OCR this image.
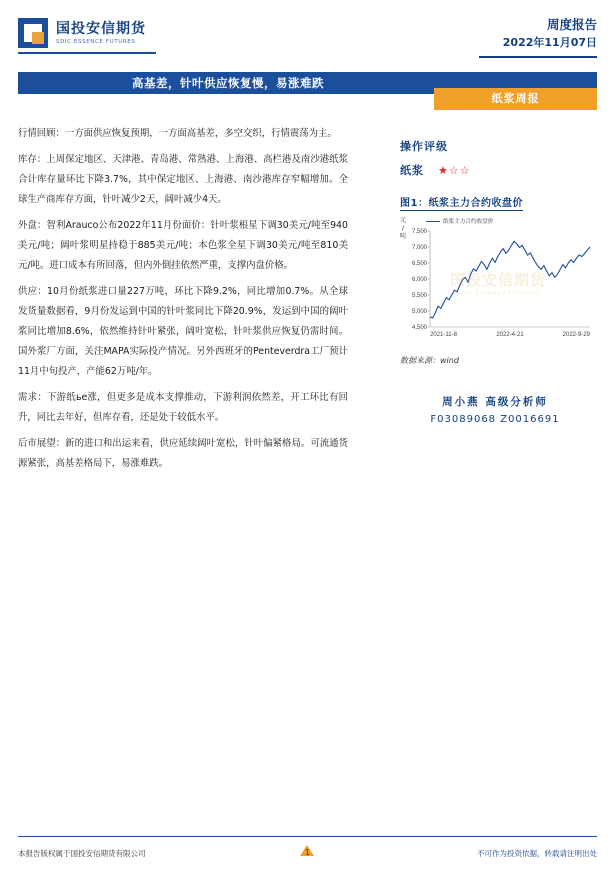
国投安信期货
SDIC ESSENCE FUTURES
周度报告
2022年11月07日
高基差，针叶供应恢复慢，易涨难跌
纸浆周报

行情回顾：一方面供应恢复预期，一方面高基差，多空交织，行情震荡为主。

库存：上周保定地区、天津港、青岛港、常熟港、上海港、高栏港及南沙港纸浆合计库存量环比下降3.7%，其中保定地区、上海港、南沙港库存窄幅增加。全球生产商库存方面，针叶减少2天，阔叶减少4天。

外盘：智利Arauco公布2022年11月份面价：针叶浆根星下调30美元/吨至940美元/吨；阔叶浆明星持稳于885美元/吨；本色浆全星下调30美元/吨至810美元/吨。进口成本有所回落，但内外倒挂依然严重，支撑内盘价格。

供应：10月份纸浆进口量227万吨，环比下降9.2%，同比增加0.7%。从全球发货量数据看，9月份发运到中国的针叶浆同比下降20.9%，发运到中国的阔叶浆同比增加8.6%，依然维持针叶紧张，阔叶宽松，针叶浆供应恢复仍需时间。国外浆厂方面，关注MAPA实际投产情况。另外西班牙的Penteverdra工厂预计11月中旬投产，产能62万吨/年。

需求：下游纸ье涨，但更多是成本支撑推动，下游利润依然差，开工环比有回升，同比去年好，但库存看，还是处于较低水平。

后市展望：新的进口和出运来看，供应延续阔叶宽松，针叶偏紧格局。可流通货源紧张，高基差格局下，易涨难跌。

操作评级
纸浆 ★☆☆
图1：纸浆主力合约收盘价
元
/
吨
纸浆主力合约收盘价
国投安信期货
SDIC ESSENCE FUTURES
4,500
5,000
5,500
6,000
6,500
7,000
7,500
2021-11-8	2022-4-21	2022-9-29
数据来源：wind
周小燕 高级分析师
F03089068 Z0016691
本报告版权属于国投安信期货有限公司	1	不可作为投资依据，转载请注明出处
